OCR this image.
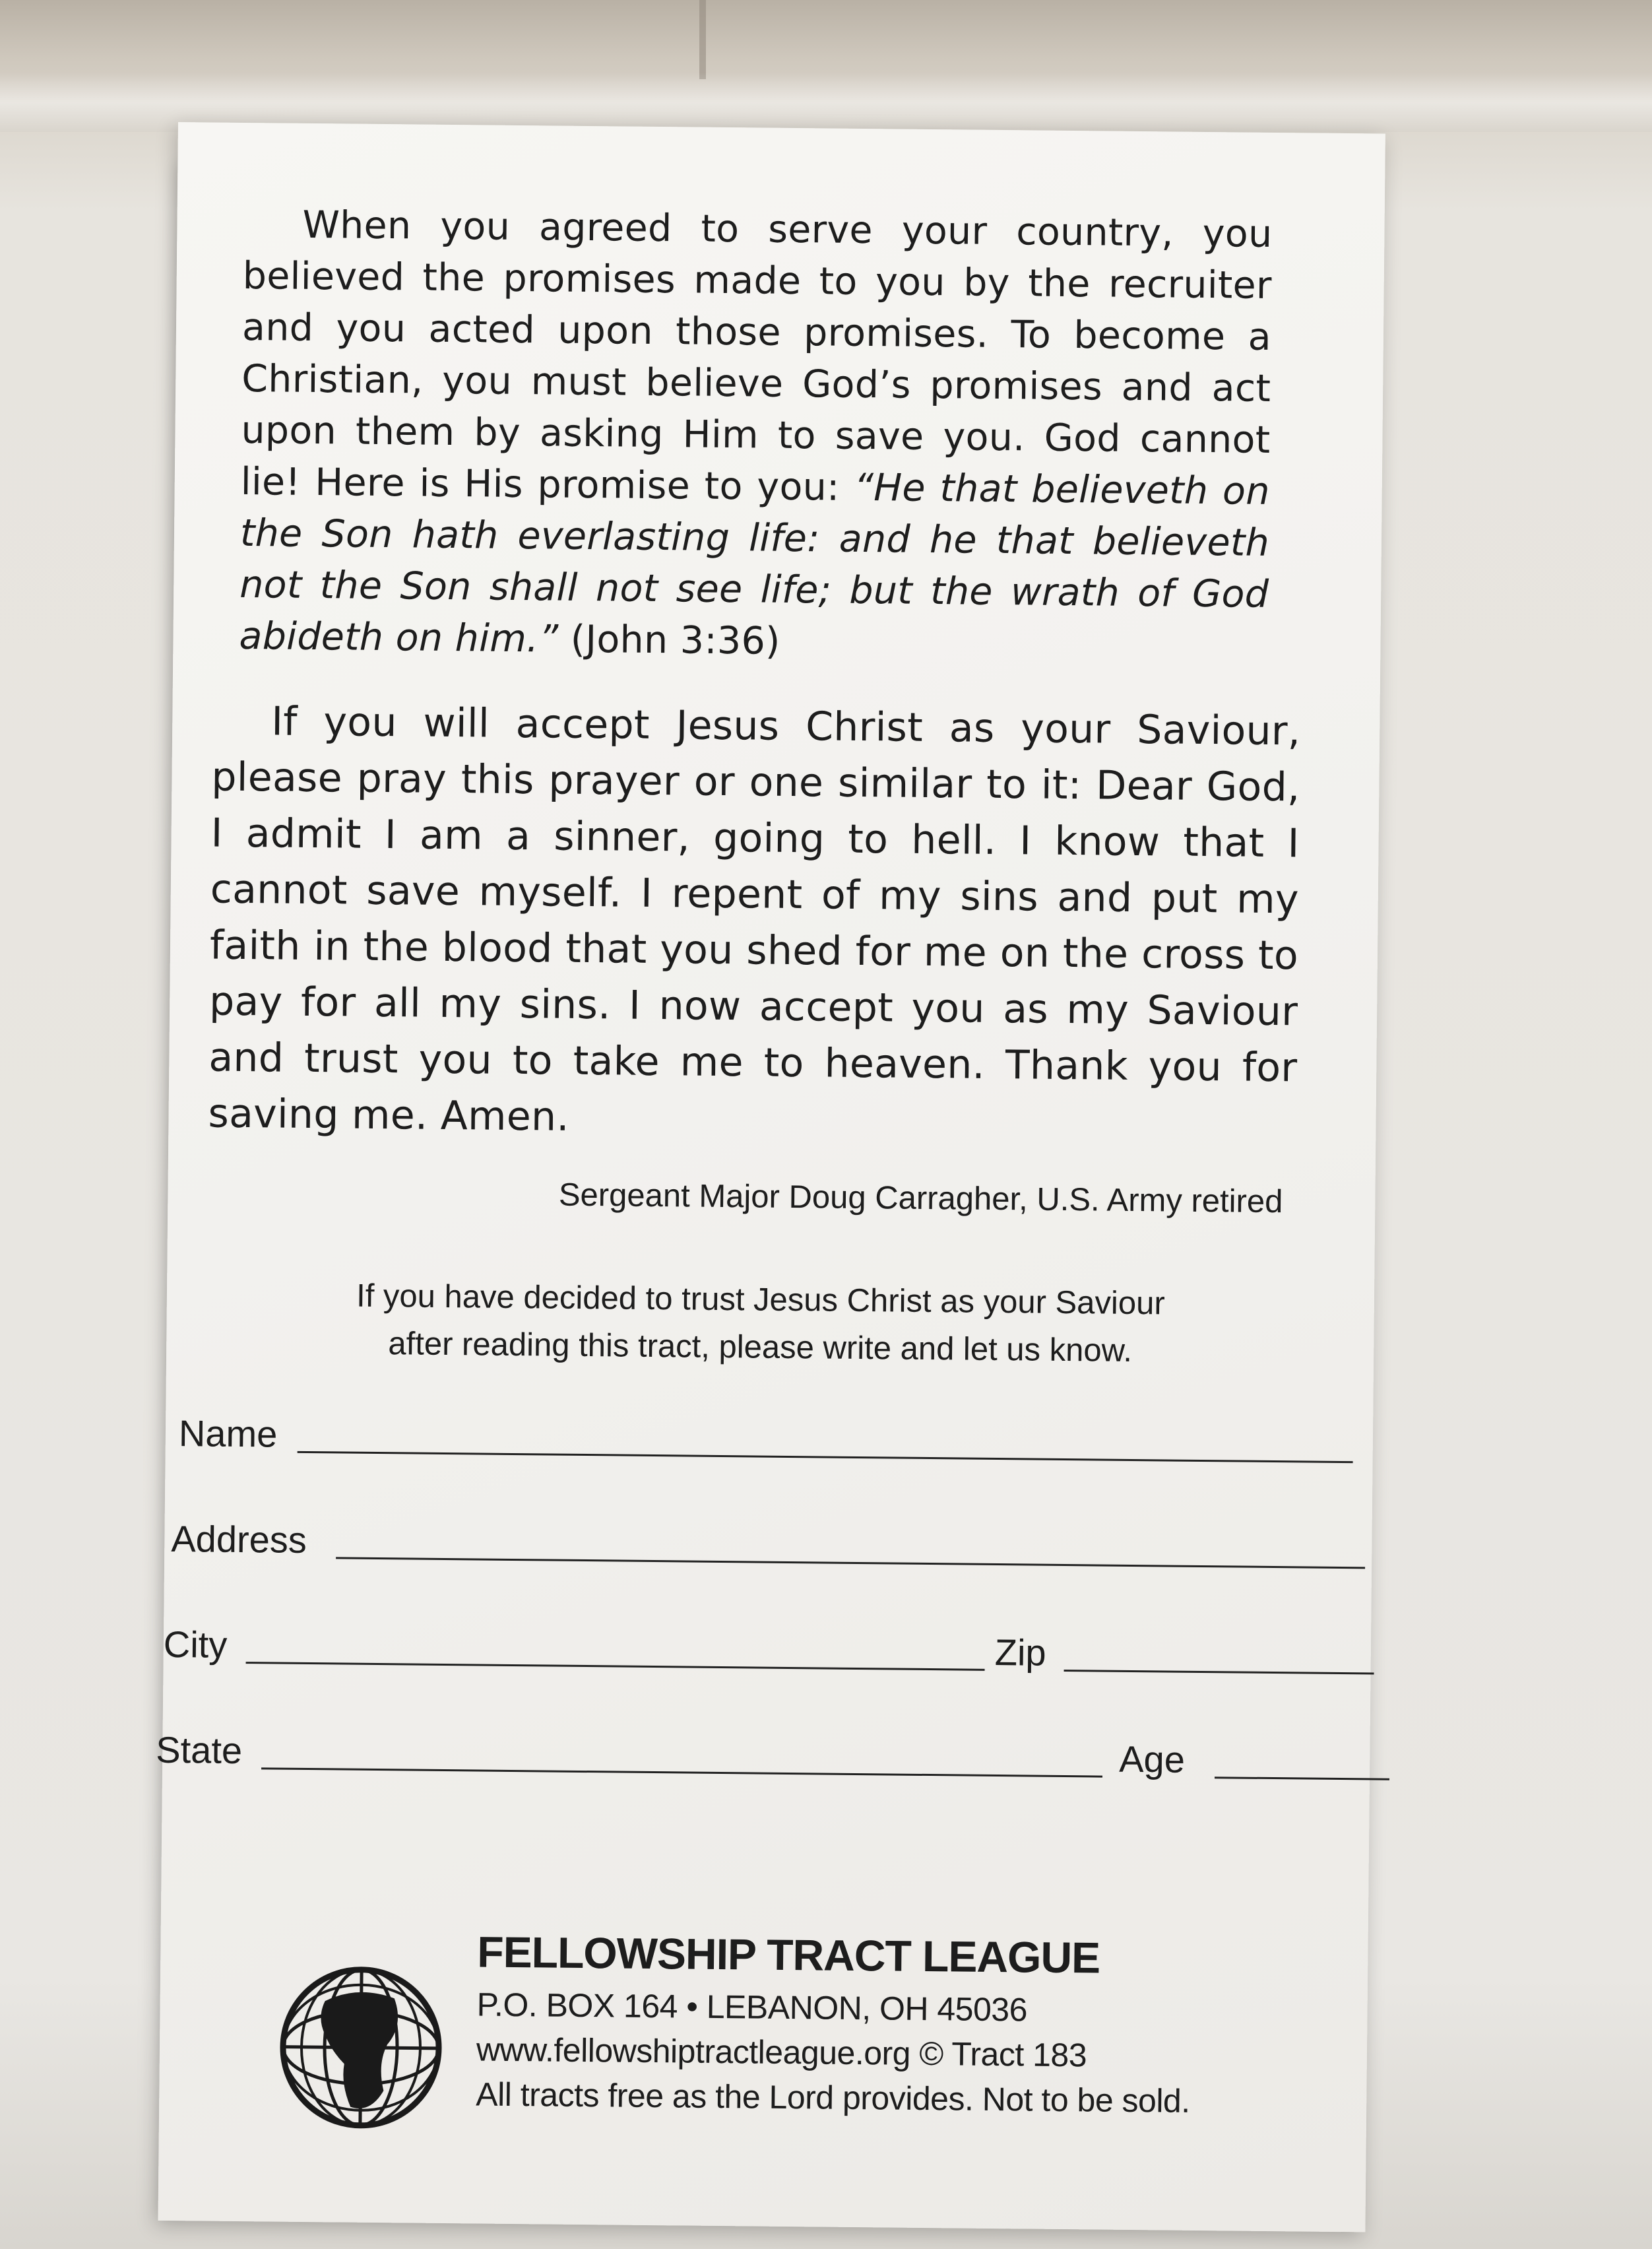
When you agreed to serve your country, you believed the promises made to you by the recruiter and you acted upon those promises. To become a Christian, you must believe God’s promises and act upon them by asking Him to save you. God cannot lie! Here is His promise to you: “He that believeth on the Son hath everlasting life: and he that believeth not the Son shall not see life; but the wrath of God abideth on him.” (John 3:36)

If you will accept Jesus Christ as your Saviour, please pray this prayer or one similar to it: Dear God, I admit I am a sinner, going to hell. I know that I cannot save myself. I repent of my sins and put my faith in the blood that you shed for me on the cross to pay for all my sins. I now accept you as my Saviour and trust you to take me to heaven. Thank you for saving me. Amen.

Sergeant Major Doug Carragher, U.S. Army retired

If you have decided to trust Jesus Christ as your Saviour
after reading this tract, please write and let us know.
Name
Address
City	Zip
State	Age

FELLOWSHIP TRACT LEAGUE

P.O. BOX 164 • LEBANON, OH 45036

www.fellowshiptractleague.org © Tract 183

All tracts free as the Lord provides. Not to be sold.
